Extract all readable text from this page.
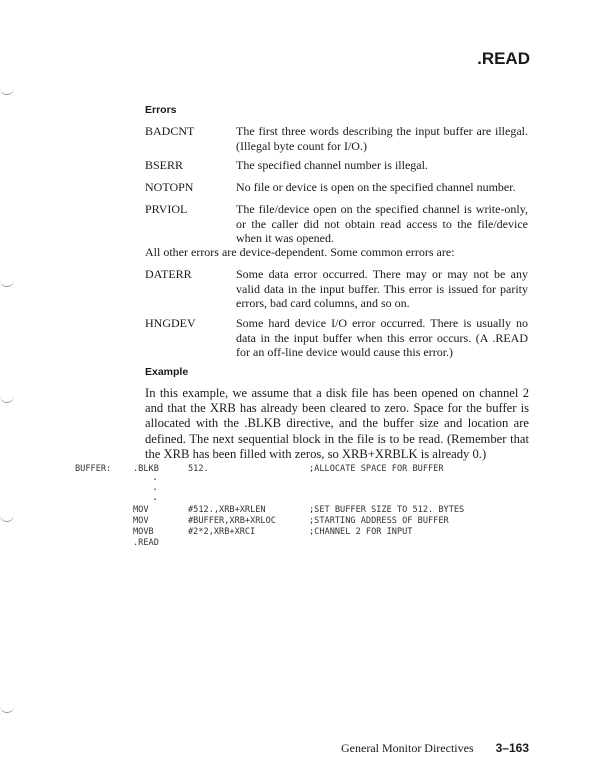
.READ
Errors
BADCNT	The first three words describing the input buffer are illegal. (Illegal byte count for I/O.)
BSERR	The specified channel number is illegal.
NOTOPN	No file or device is open on the specified channel number.
PRVIOL	The file/device open on the specified channel is write-only, or the caller did not obtain read access to the file/device when it was opened.
All other errors are device-dependent. Some common errors are:
DATERR	Some data error occurred. There may or may not be any valid data in the input buffer. This error is issued for parity errors, bad card columns, and so on.
HNGDEV	Some hard device I/O error occurred. There is usually no data in the input buffer when this error occurs. (A .READ for an off-line device would cause this error.)
Example
In this example, we assume that a disk file has been opened on channel 2 and that the XRB has already been cleared to zero. Space for the buffer is allocated with the .BLKB directive, and the buffer size and location are defined. The next sequential block in the file is to be read. (Remember that the XRB has been filled with zeros, so XRB+XRBLK is already 0.)
BUFFER:	.BLKB	512.	;ALLOCATE SPACE FOR BUFFER
.
.
.
MOV	#512.,XRB+XRLEN	;SET BUFFER SIZE TO 512. BYTES
MOV	#BUFFER,XRB+XRLOC	;STARTING ADDRESS OF BUFFER
MOVB	#2*2,XRB+XRCI	;CHANNEL 2 FOR INPUT
.READ
General Monitor Directives 3–163
